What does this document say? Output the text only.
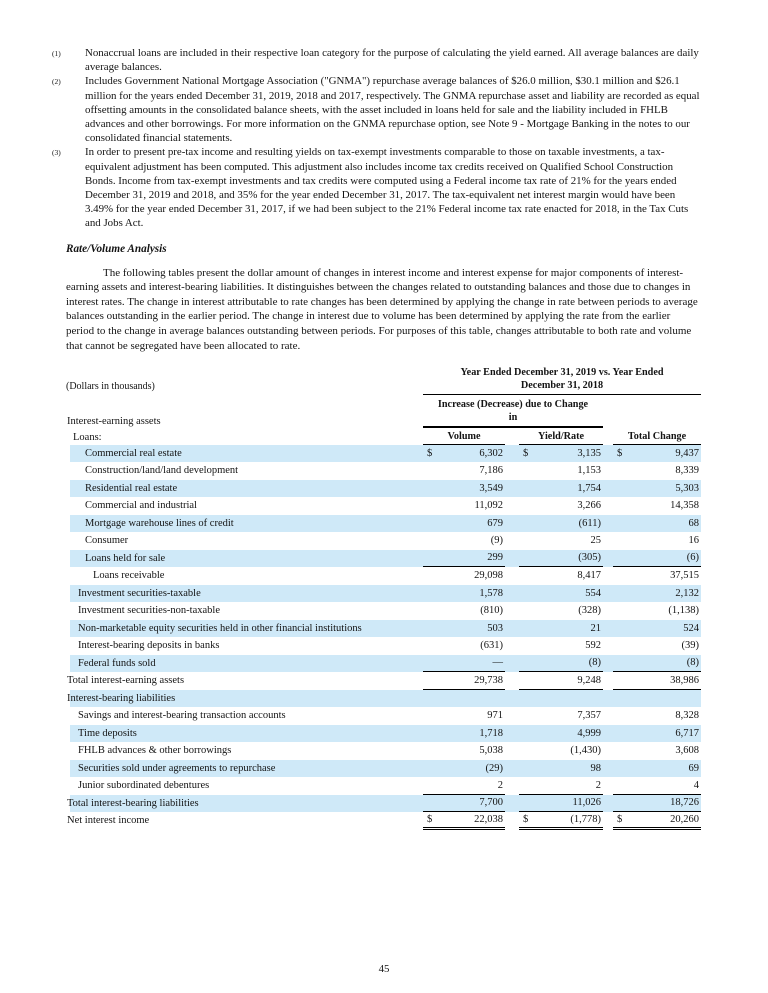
(1)	Nonaccrual loans are included in their respective loan category for the purpose of calculating the yield earned. All average balances are daily average balances.
(2)	Includes Government National Mortgage Association ("GNMA") repurchase average balances of $26.0 million, $30.1 million and $26.1 million for the years ended December 31, 2019, 2018 and 2017, respectively. The GNMA repurchase asset and liability are recorded as equal offsetting amounts in the consolidated balance sheets, with the asset included in loans held for sale and the liability included in FHLB advances and other borrowings. For more information on the GNMA repurchase option, see Note 9 - Mortgage Banking in the notes to our consolidated financial statements.
(3)	In order to present pre-tax income and resulting yields on tax-exempt investments comparable to those on taxable investments, a tax-equivalent adjustment has been computed. This adjustment also includes income tax credits received on Qualified School Construction Bonds. Income from tax-exempt investments and tax credits were computed using a Federal income tax rate of 21% for the years ended December 31, 2019 and 2018, and 35% for the year ended December 31, 2017. The tax-equivalent net interest margin would have been 3.49% for the year ended December 31, 2017, if we had been subject to the 21% Federal income tax rate enacted for 2018, in the Tax Cuts and Jobs Act.
Rate/Volume Analysis
The following tables present the dollar amount of changes in interest income and interest expense for major components of interest-earning assets and interest-bearing liabilities. It distinguishes between the changes related to outstanding balances and those due to changes in interest rates. The change in interest attributable to rate changes has been determined by applying the change in rate between periods to average balances outstanding in the earlier period. The change in interest due to volume has been determined by applying the rate from the earlier period to the change in average balances outstanding between periods. For purposes of this table, changes attributable to both rate and volume that cannot be segregated have been allocated to rate.
(Dollars in thousands)
Year Ended December 31, 2019 vs. Year Ended
December 31, 2018
Interest-earning assets
Increase (Decrease) due to Change
in
Loans:	Volume	Yield/Rate	Total Change
Commercial real estate	$	6,302 $	3,135 $	9,437
Construction/land/land development	7,186	1,153	8,339
Residential real estate	3,549	1,754	5,303
Commercial and industrial	11,092	3,266	14,358
Mortgage warehouse lines of credit	679	(611)	68
Consumer	(9)	25	16
Loans held for sale	299	(305)	(6)
Loans receivable	29,098	8,417	37,515
Investment securities-taxable	1,578	554	2,132
Investment securities-non-taxable	(810)	(328)	(1,138)
Non-marketable equity securities held in other financial institutions	503	21	524
Interest-bearing deposits in banks	(631)	592	(39)
Federal funds sold	—	(8)	(8)
Total interest-earning assets	29,738	9,248	38,986
Interest-bearing liabilities
Savings and interest-bearing transaction accounts	971	7,357	8,328
Time deposits	1,718	4,999	6,717
FHLB advances & other borrowings	5,038	(1,430)	3,608
Securities sold under agreements to repurchase	(29)	98	69
Junior subordinated debentures	2	2	4
Total interest-bearing liabilities	7,700	11,026	18,726
Net interest income	$	22,038 $	(1,778) $	20,260
45
